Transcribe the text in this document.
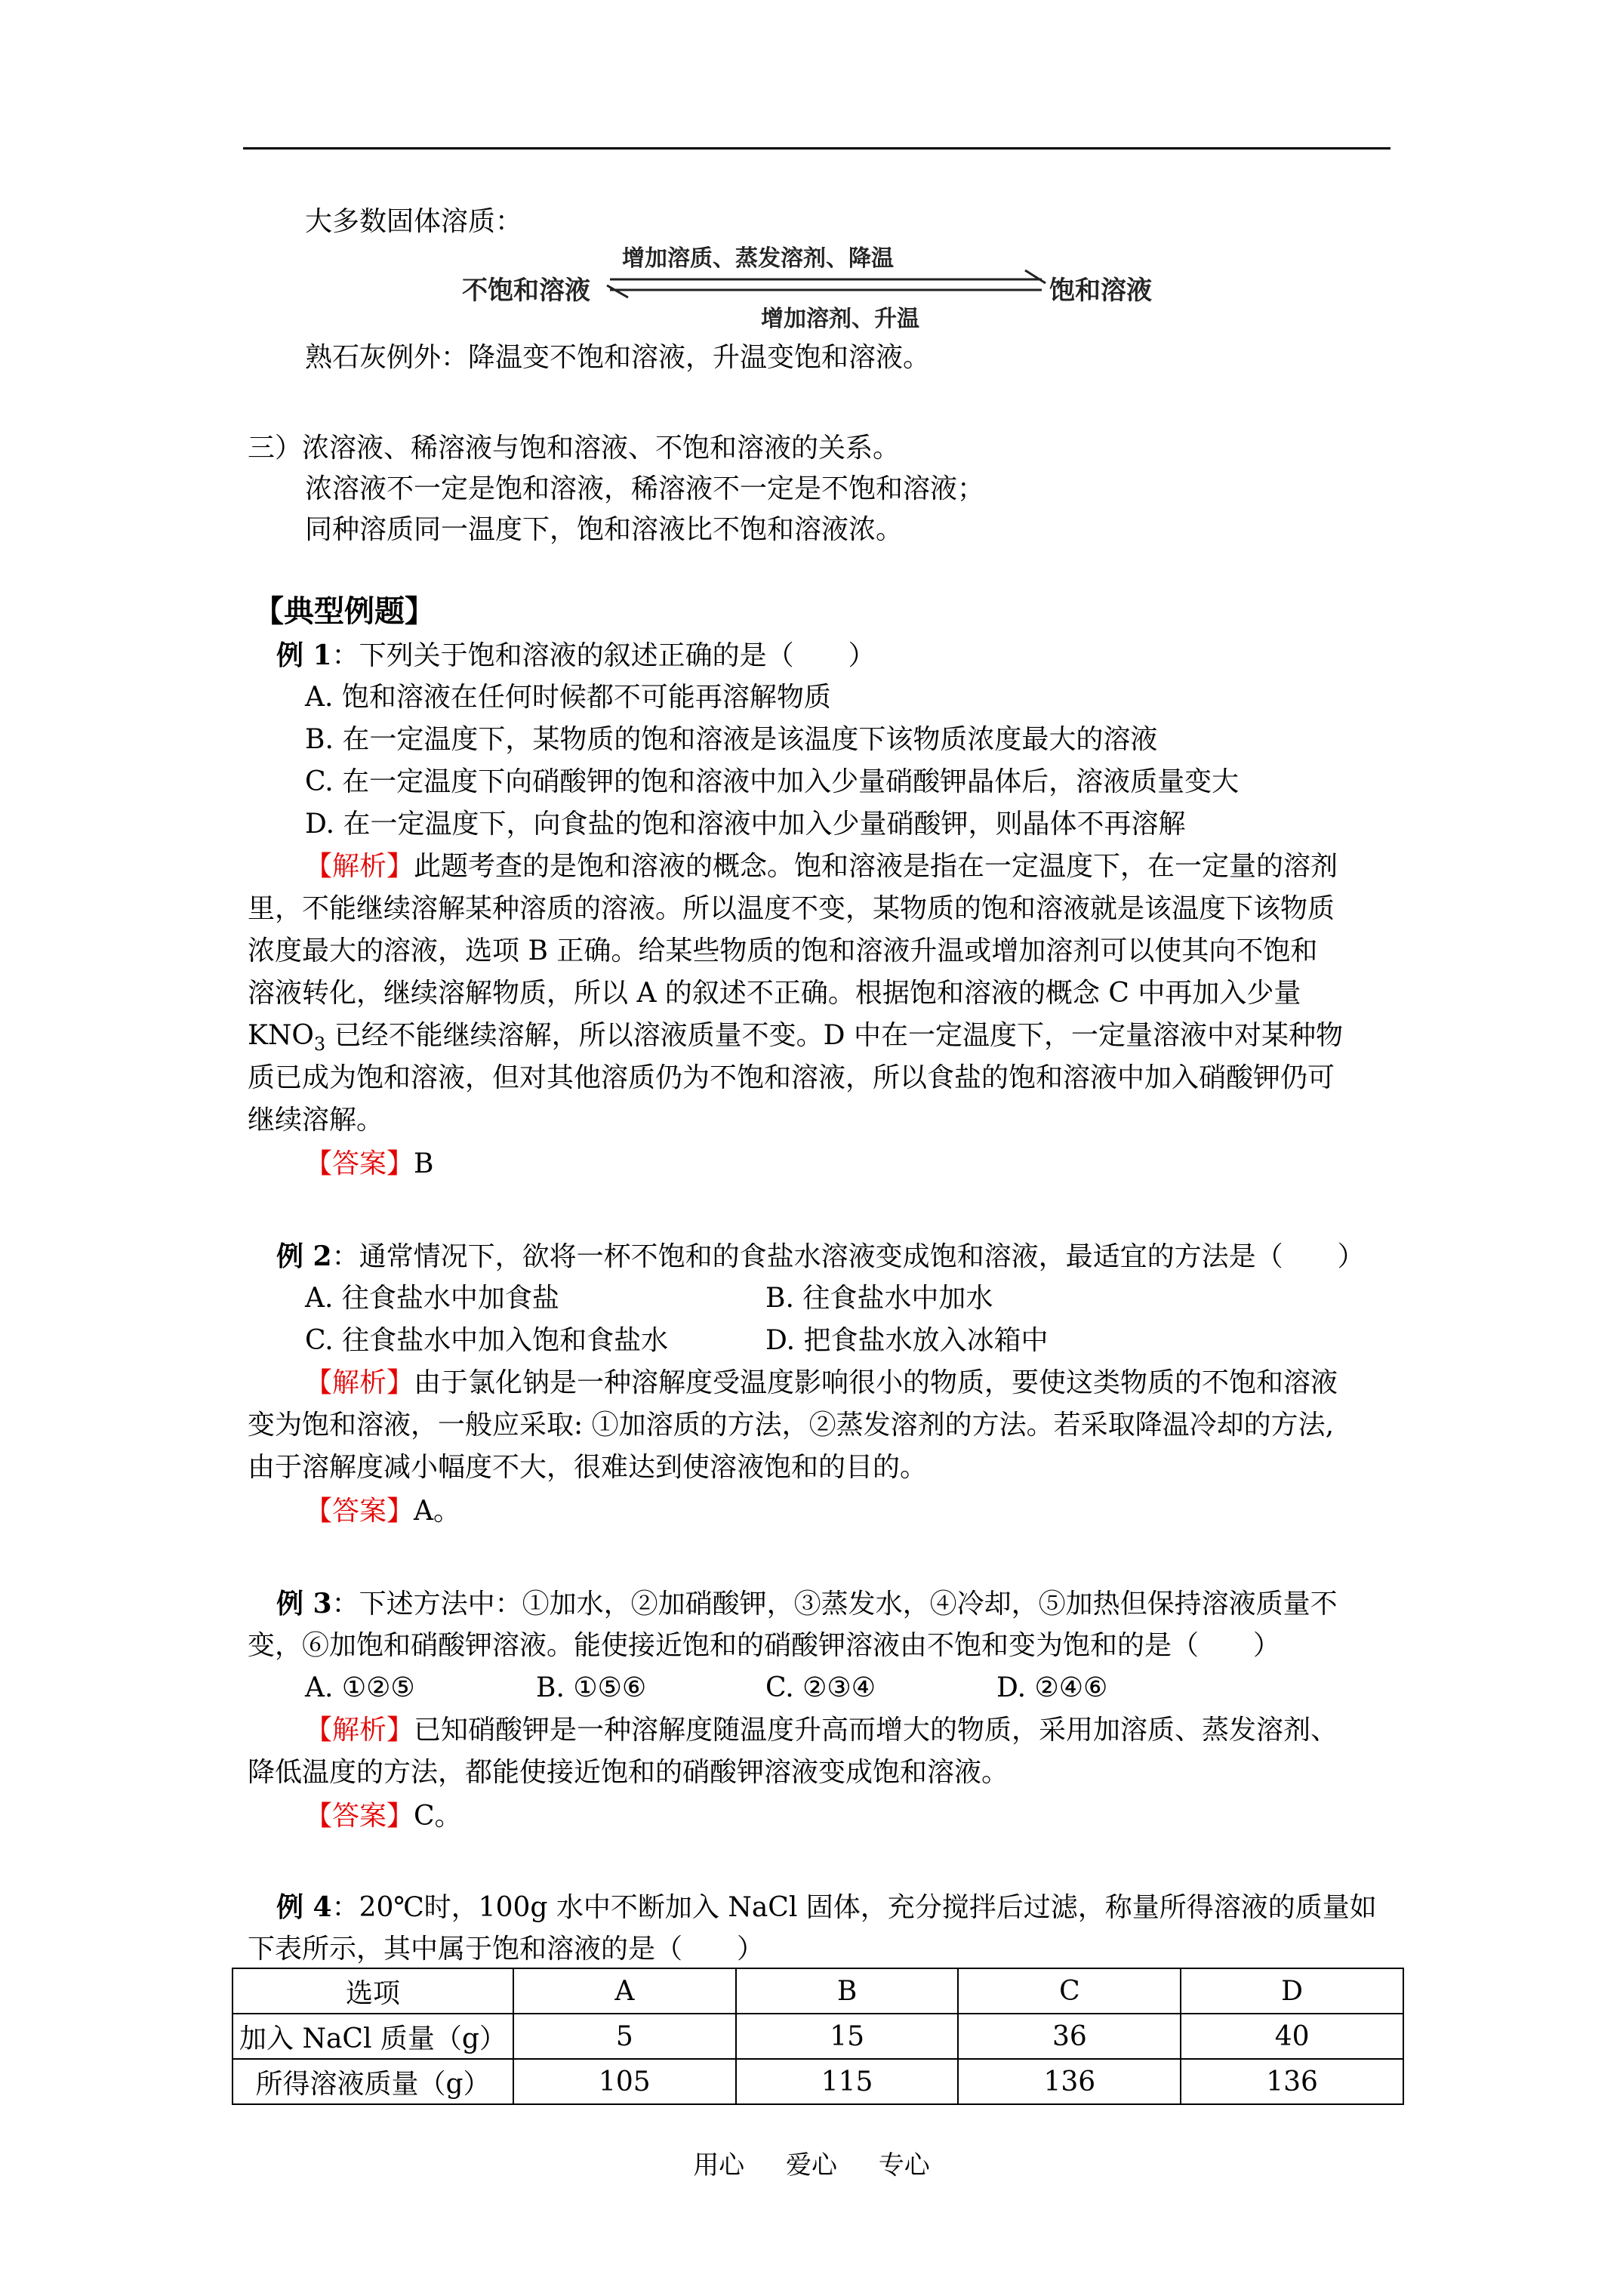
大多数固体溶质：
不饱和溶液	饱和溶液
增加溶质、蒸发溶剂、降温
增加溶剂、升温
熟石灰例外：降温变不饱和溶液，升温变饱和溶液。
三）浓溶液、稀溶液与饱和溶液、不饱和溶液的关系。
浓溶液不一定是饱和溶液，稀溶液不一定是不饱和溶液；
同种溶质同一温度下，饱和溶液比不饱和溶液浓。
【典型例题】
例 1：下列关于饱和溶液的叙述正确的是（　　）
A. 饱和溶液在任何时候都不可能再溶解物质
B. 在一定温度下，某物质的饱和溶液是该温度下该物质浓度最大的溶液
C. 在一定温度下向硝酸钾的饱和溶液中加入少量硝酸钾晶体后，溶液质量变大
D. 在一定温度下，向食盐的饱和溶液中加入少量硝酸钾，则晶体不再溶解
【解析】此题考查的是饱和溶液的概念。饱和溶液是指在一定温度下，在一定量的溶剂
里，不能继续溶解某种溶质的溶液。所以温度不变，某物质的饱和溶液就是该温度下该物质
浓度最大的溶液，选项 B 正确。给某些物质的饱和溶液升温或增加溶剂可以使其向不饱和
溶液转化，继续溶解物质，所以 A 的叙述不正确。根据饱和溶液的概念 C 中再加入少量
$KNO_3$ 已经不能继续溶解，所以溶液质量不变。D 中在一定温度下，一定量溶液中对某种物
质已成为饱和溶液，但对其他溶质仍为不饱和溶液，所以食盐的饱和溶液中加入硝酸钾仍可
继续溶解。
【答案】B
例 2：通常情况下，欲将一杯不饱和的食盐水溶液变成饱和溶液，最适宜的方法是（　　）
A. 往食盐水中加食盐	B. 往食盐水中加水
C. 往食盐水中加入饱和食盐水	D. 把食盐水放入冰箱中
【解析】由于氯化钠是一种溶解度受温度影响很小的物质，要使这类物质的不饱和溶液
变为饱和溶液，一般应采取: ①加溶质的方法，②蒸发溶剂的方法。若采取降温冷却的方法,
由于溶解度减小幅度不大，很难达到使溶液饱和的目的。
【答案】A。
例 3：下述方法中：①加水，②加硝酸钾，③蒸发水，④冷却，⑤加热但保持溶液质量不
变，⑥加饱和硝酸钾溶液。能使接近饱和的硝酸钾溶液由不饱和变为饱和的是（　　）
A. ①②⑤	B. ①⑤⑥	C. ②③④	D. ②④⑥
【解析】已知硝酸钾是一种溶解度随温度升高而增大的物质，采用加溶质、蒸发溶剂、
降低温度的方法，都能使接近饱和的硝酸钾溶液变成饱和溶液。
【答案】C。
例 4：20℃时，100g 水中不断加入 NaCl 固体，充分搅拌后过滤，称量所得溶液的质量如
下表所示，其中属于饱和溶液的是（　　）
选项	A	B	C	D
加入 NaCl 质量（g）	5	15	36	40
所得溶液质量（g）	105	115	136	136
用心 爱心 专心
